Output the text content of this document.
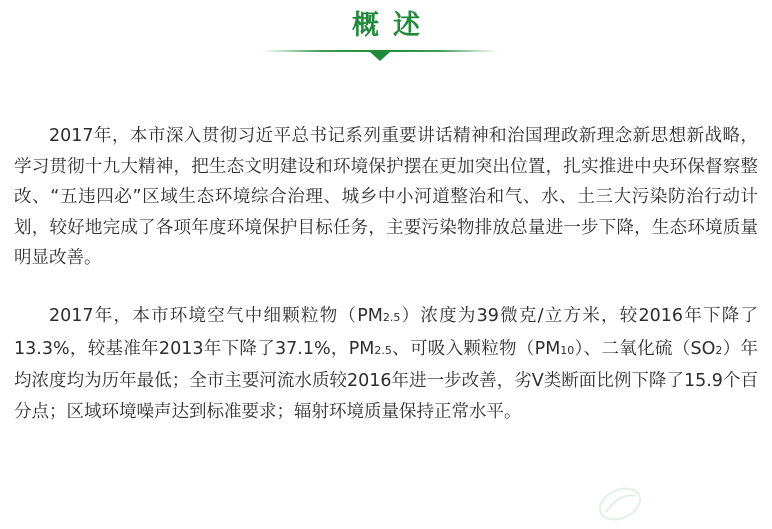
概述

2017年，本市深入贯彻习近平总书记系列重要讲话精神和治国理政新理念新思想新战略，学习贯彻十九大精神，把生态文明建设和环境保护摆在更加突出位置，扎实推进中央环保督察整改、“五违四必”区域生态环境综合治理、城乡中小河道整治和气、水、土三大污染防治行动计划，较好地完成了各项年度环境保护目标任务，主要污染物排放总量进一步下降，生态环境质量明显改善。

2017年，本市环境空气中细颗粒物（PM2.5）浓度为39微克/立方米，较2016年下降了13.3%，较基准年2013年下降了37.1%，PM2.5、可吸入颗粒物（PM10）、二氧化硫（SO2）年均浓度均为历年最低；全市主要河流水质较2016年进一步改善，劣Ⅴ类断面比例下降了15.9个百分点；区域环境噪声达到标准要求；辐射环境质量保持正常水平。
